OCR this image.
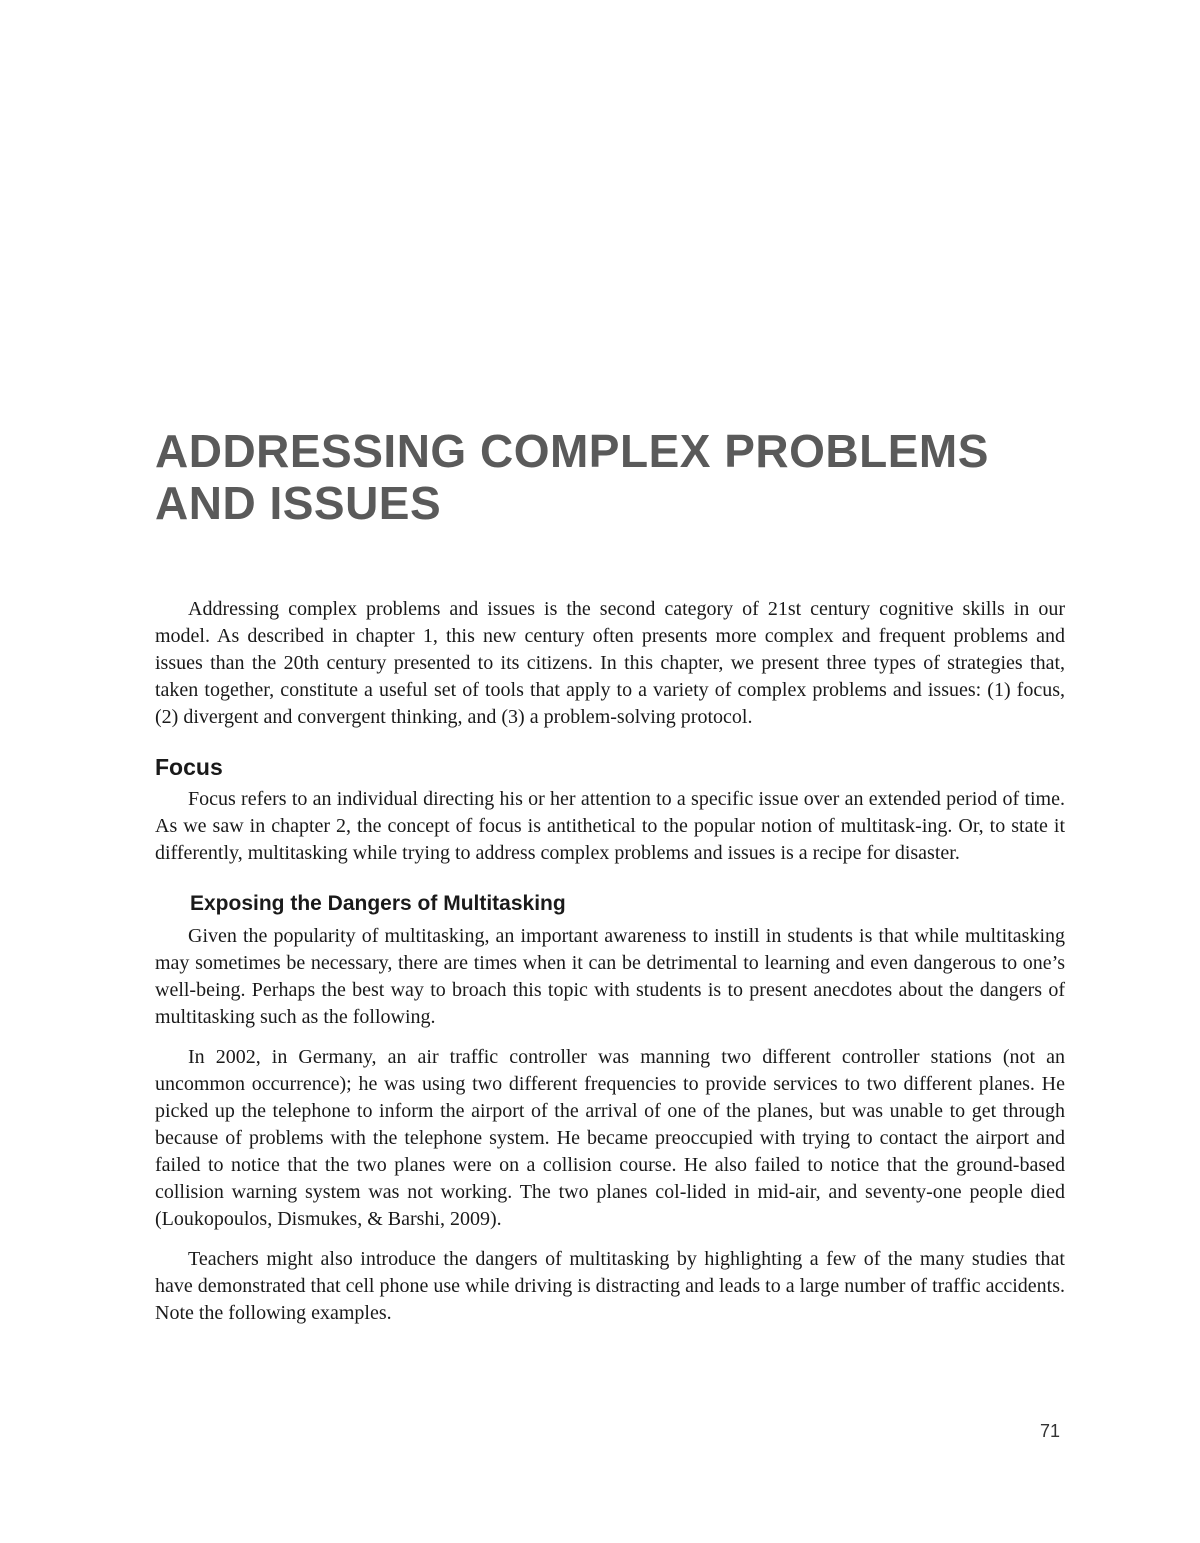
ADDRESSING COMPLEX PROBLEMS
AND ISSUES

Addressing complex problems and issues is the second category of 21st century cognitive skills in our model. As described in chapter 1, this new century often presents more complex and frequent problems and issues than the 20th century presented to its citizens. In this chapter, we present three types of strategies that, taken together, constitute a useful set of tools that apply to a variety of complex problems and issues: (1) focus, (2) divergent and convergent thinking, and (3) a problem-solving protocol.

Focus

Focus refers to an individual directing his or her attention to a specific issue over an extended period of time. As we saw in chapter 2, the concept of focus is antithetical to the popular notion of multitask-ing. Or, to state it differently, multitasking while trying to address complex problems and issues is a recipe for disaster.

Exposing the Dangers of Multitasking

Given the popularity of multitasking, an important awareness to instill in students is that while multitasking may sometimes be necessary, there are times when it can be detrimental to learning and even dangerous to one’s well-being. Perhaps the best way to broach this topic with students is to present anecdotes about the dangers of multitasking such as the following.

In 2002, in Germany, an air traffic controller was manning two different controller stations (not an uncommon occurrence); he was using two different frequencies to provide services to two different planes. He picked up the telephone to inform the airport of the arrival of one of the planes, but was unable to get through because of problems with the telephone system. He became preoccupied with trying to contact the airport and failed to notice that the two planes were on a collision course. He also failed to notice that the ground-based collision warning system was not working. The two planes col-lided in mid-air, and seventy-one people died (Loukopoulos, Dismukes, & Barshi, 2009).

Teachers might also introduce the dangers of multitasking by highlighting a few of the many studies that have demonstrated that cell phone use while driving is distracting and leads to a large number of traffic accidents. Note the following examples.

71
